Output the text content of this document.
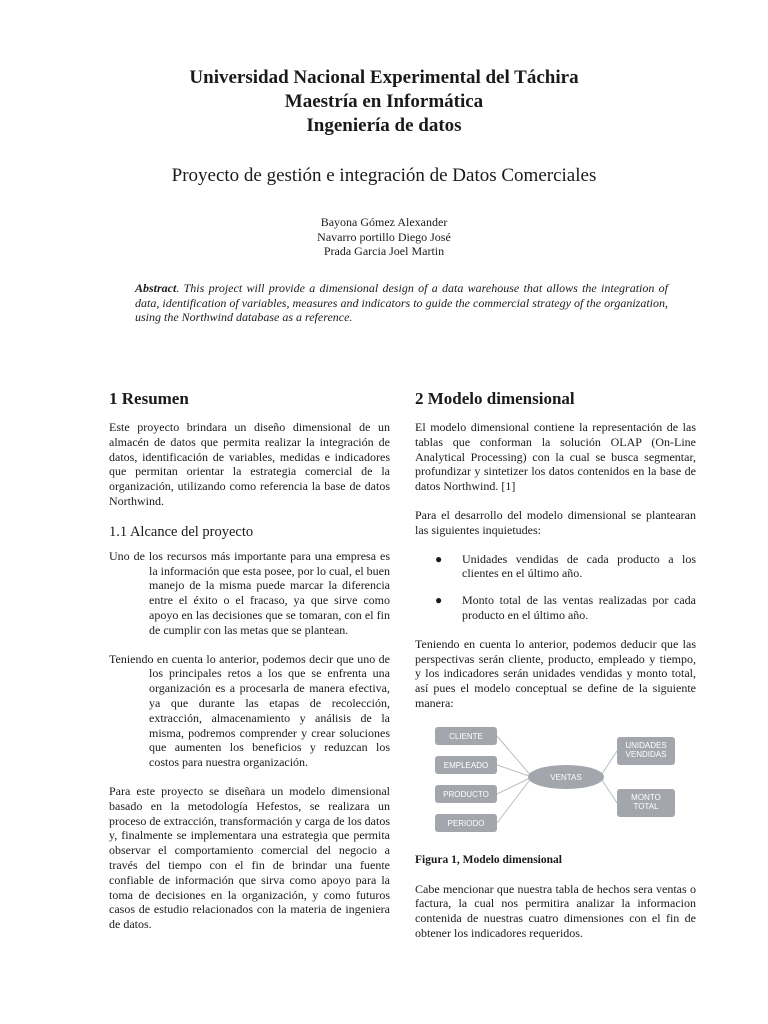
Universidad Nacional Experimental del Táchira
Maestría en Informática
Ingeniería de datos
Proyecto de gestión e integración de Datos Comerciales
Bayona Gómez Alexander
Navarro portillo Diego José
Prada Garcia Joel Martin
Abstract. This project will provide a dimensional design of a data warehouse that allows the integration of data, identification of variables, measures and indicators to guide the commercial strategy of the organization, using the Northwind database as a reference.
1 Resumen

Este proyecto brindara un diseño dimensional de un almacén de datos que permita realizar la integración de datos, identificación de variables, medidas e indicadores que permitan orientar la estrategia comercial de la organización, utilizando como referencia la base de datos Northwind.

1.1 Alcance del proyecto

Uno de los recursos más importante para una empresa es la información que esta posee, por lo cual, el buen manejo de la misma puede marcar la diferencia entre el éxito o el fracaso, ya que sirve como apoyo en las decisiones que se tomaran, con el fin de cumplir con las metas que se plantean.

Teniendo en cuenta lo anterior, podemos decir que uno de los principales retos a los que se enfrenta una organización es a procesarla de manera efectiva, ya que durante las etapas de recolección, extracción, almacenamiento y análisis de la misma, podremos comprender y crear soluciones que aumenten los beneficios y reduzcan los costos para nuestra organización.

Para este proyecto se diseñara un modelo dimensional basado en la metodología Hefestos, se realizara un proceso de extracción, transformación y carga de los datos y, finalmente se implementara una estrategia que permita observar el comportamiento comercial del negocio a través del tiempo con el fin de brindar una fuente confiable de información que sirva como apoyo para la toma de decisiones en la organización, y como futuros casos de estudio relacionados con la materia de ingeniera de datos.

2 Modelo dimensional

El modelo dimensional contiene la representación de las tablas que conforman la solución OLAP (On-Line Analytical Processing) con la cual se busca segmentar, profundizar y sintetizer los datos contenidos en la base de datos Northwind. [1]

Para el desarrollo del modelo dimensional se plantearan las siguientes inquietudes:

● Unidades vendidas de cada producto a los clientes en el último año.
● Monto total de las ventas realizadas por cada producto en el último año.

Teniendo en cuenta lo anterior, podemos deducir que las perspectivas serán cliente, producto, empleado y tiempo, y los indicadores serán unidades vendidas y monto total, así pues el modelo conceptual se define de la siguiente manera:

CLIENTE
EMPLEADO
PRODUCTO
PERIODO
VENTAS
UNIDADES
VENDIDAS
MONTO
TOTAL
Figura 1, Modelo dimensional

Cabe mencionar que nuestra tabla de hechos sera ventas o factura, la cual nos permitira analizar la informacion contenida de nuestras cuatro dimensiones con el fin de obtener los indicadores requeridos.
